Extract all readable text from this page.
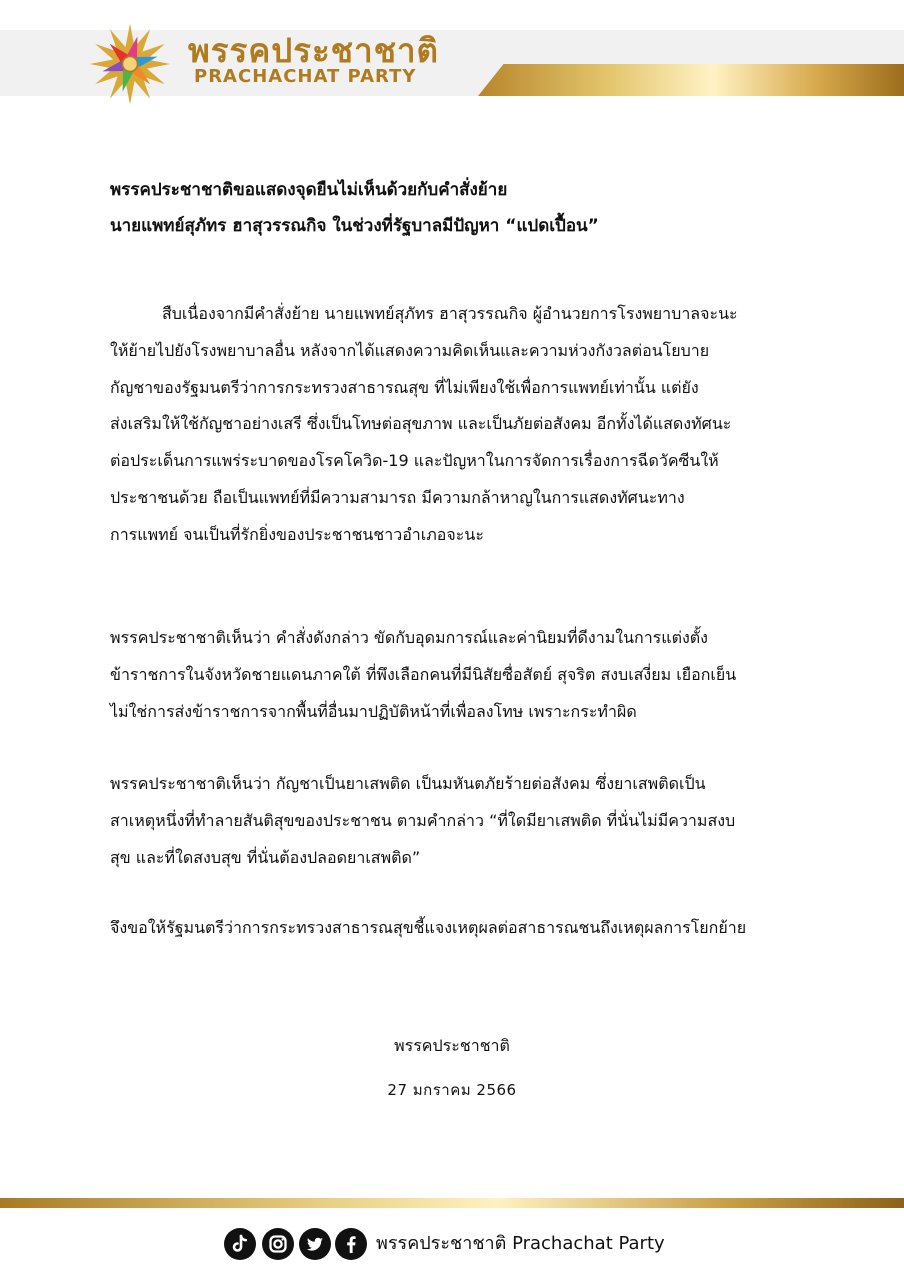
พรรคประชาชาติ
PRACHACHAT PARTY
พรรคประชาชาติขอแสดงจุดยืนไม่เห็นด้วยกับคำสั่งย้าย
นายแพทย์สุภัทร ฮาสุวรรณกิจ ในช่วงที่รัฐบาลมีปัญหา “แปดเปื้อน”
สืบเนื่องจากมีคำสั่งย้าย นายแพทย์สุภัทร ฮาสุวรรณกิจ ผู้อำนวยการโรงพยาบาลจะนะ
ให้ย้ายไปยังโรงพยาบาลอื่น หลังจากได้แสดงความคิดเห็นและความห่วงกังวลต่อนโยบาย
กัญชาของรัฐมนตรีว่าการกระทรวงสาธารณสุข ที่ไม่เพียงใช้เพื่อการแพทย์เท่านั้น แต่ยัง
ส่งเสริมให้ใช้กัญชาอย่างเสรี ซึ่งเป็นโทษต่อสุขภาพ และเป็นภัยต่อสังคม อีกทั้งได้แสดงทัศนะ
ต่อประเด็นการแพร่ระบาดของโรคโควิด-19 และปัญหาในการจัดการเรื่องการฉีดวัคซีนให้
ประชาชนด้วย ถือเป็นแพทย์ที่มีความสามารถ มีความกล้าหาญในการแสดงทัศนะทาง
การแพทย์ จนเป็นที่รักยิ่งของประชาชนชาวอำเภอจะนะ
พรรคประชาชาติเห็นว่า คำสั่งดังกล่าว ขัดกับอุดมการณ์และค่านิยมที่ดีงามในการแต่งตั้ง
ข้าราชการในจังหวัดชายแดนภาคใต้ ที่พึงเลือกคนที่มีนิสัยซื่อสัตย์ สุจริต สงบเสงี่ยม เยือกเย็น
ไม่ใช่การส่งข้าราชการจากพื้นที่อื่นมาปฏิบัติหน้าที่เพื่อลงโทษ เพราะกระทำผิด
พรรคประชาชาติเห็นว่า กัญชาเป็นยาเสพติด เป็นมหันตภัยร้ายต่อสังคม ซึ่งยาเสพติดเป็น
สาเหตุหนึ่งที่ทำลายสันติสุขของประชาชน ตามคำกล่าว “ที่ใดมียาเสพติด ที่นั่นไม่มีความสงบ
สุข และที่ใดสงบสุข ที่นั่นต้องปลอดยาเสพติด”
จึงขอให้รัฐมนตรีว่าการกระทรวงสาธารณสุขชี้แจงเหตุผลต่อสาธารณชนถึงเหตุผลการโยกย้าย
พรรคประชาชาติ
27 มกราคม 2566
พรรคประชาชาติ Prachachat Party
